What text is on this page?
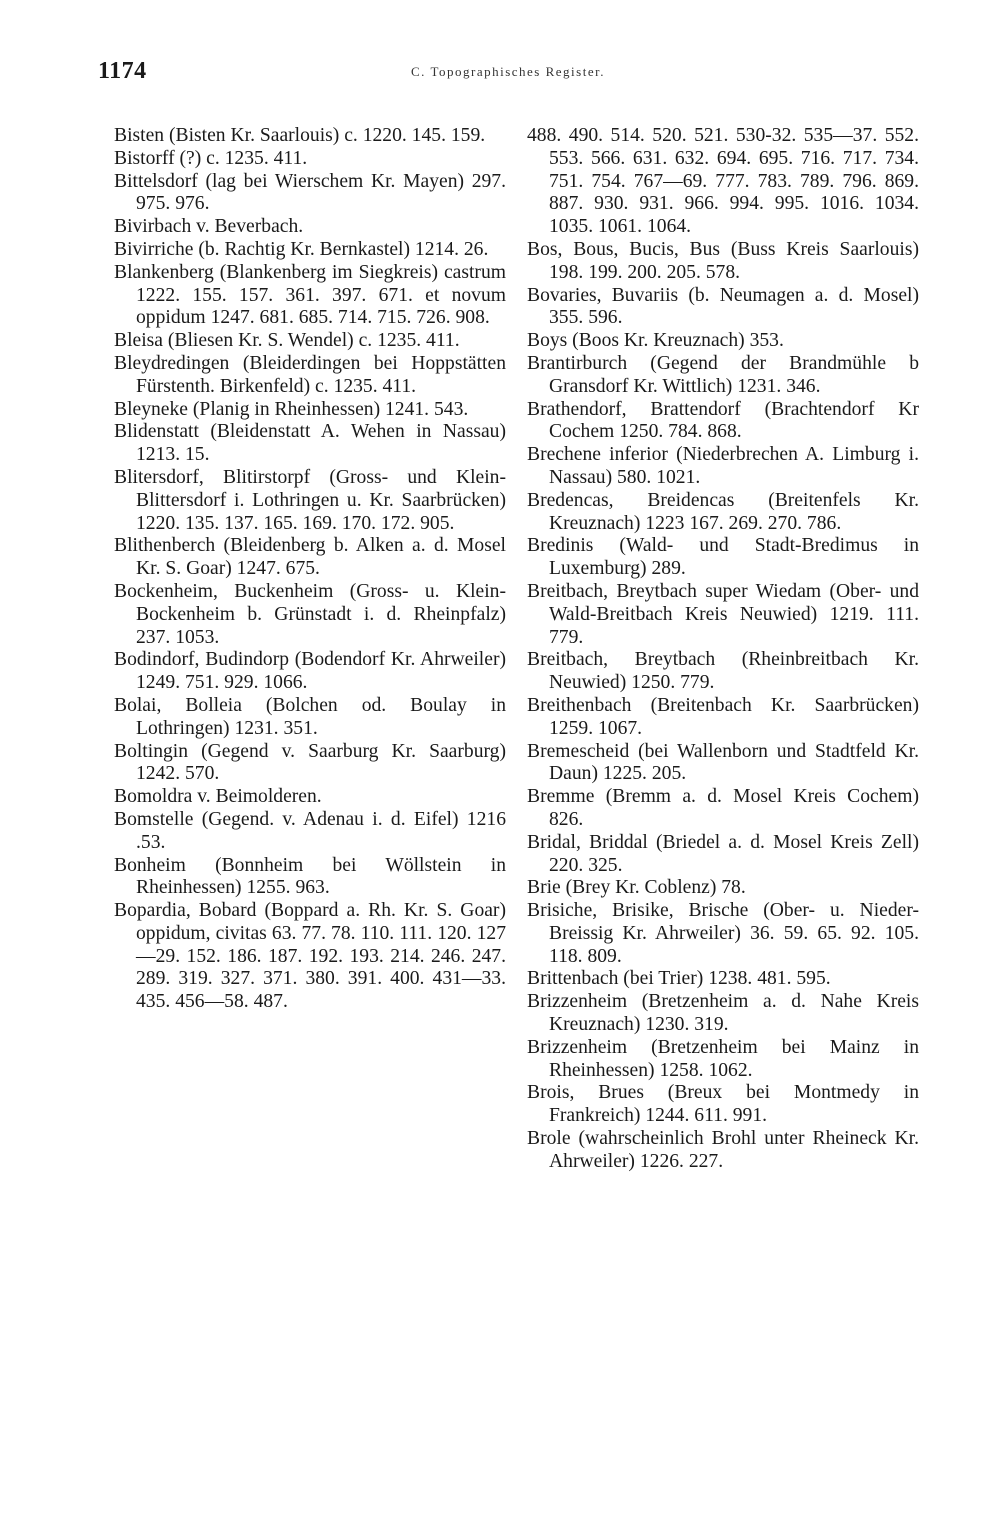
1174	C. Topographisches Register.
Bisten (Bisten Kr. Saarlouis) c. 1220. 145. 159.
Bistorff (?) c. 1235. 411.
Bittelsdorf (lag bei Wierschem Kr. Mayen) 297. 975. 976.
Bivirbach v. Beverbach.
Bivirriche (b. Rachtig Kr. Bernkastel) 1214. 26.
Blankenberg (Blankenberg im Siegkreis) castrum 1222. 155. 157. 361. 397. 671. et novum oppidum 1247. 681. 685. 714. 715. 726. 908.
Bleisa (Bliesen Kr. S. Wendel) c. 1235. 411.
Bleydredingen (Bleiderdingen bei Hoppstätten Fürstenth. Birkenfeld) c. 1235. 411.
Bleyneke (Planig in Rheinhessen) 1241. 543.
Blidenstatt (Bleidenstatt A. Wehen in Nassau) 1213. 15.
Blitersdorf, Blitirstorpf (Gross- und Klein-Blittersdorf i. Lothringen u. Kr. Saarbrücken) 1220. 135. 137. 165. 169. 170. 172. 905.
Blithenberch (Bleidenberg b. Alken a. d. Mosel Kr. S. Goar) 1247. 675.
Bockenheim, Buckenheim (Gross- u. Klein-Bockenheim b. Grünstadt i. d. Rheinpfalz) 237. 1053.
Bodindorf, Budindorp (Bodendorf Kr. Ahrweiler) 1249. 751. 929. 1066.
Bolai, Bolleia (Bolchen od. Boulay in Lothringen) 1231. 351.
Boltingin (Gegend v. Saarburg Kr. Saarburg) 1242. 570.
Bomoldra v. Beimolderen.
Bomstelle (Gegend. v. Adenau i. d. Eifel) 1216 .53.
Bonheim (Bonnheim bei Wöllstein in Rheinhessen) 1255. 963.
Bopardia, Bobard (Boppard a. Rh. Kr. S. Goar) oppidum, civitas 63. 77. 78. 110. 111. 120. 127—29. 152. 186. 187. 192. 193. 214. 246. 247. 289. 319. 327. 371. 380. 391. 400. 431—33. 435. 456—58. 487.
488. 490. 514. 520. 521. 530-32. 535—37. 552. 553. 566. 631. 632. 694. 695. 716. 717. 734. 751. 754. 767—69. 777. 783. 789. 796. 869. 887. 930. 931. 966. 994. 995. 1016. 1034. 1035. 1061. 1064.
Bos, Bous, Bucis, Bus (Buss Kreis Saarlouis) 198. 199. 200. 205. 578.
Bovaries, Buvariis (b. Neumagen a. d. Mosel) 355. 596.
Boys (Boos Kr. Kreuznach) 353.
Brantirburch (Gegend der Brandmühle b Gransdorf Kr. Wittlich) 1231. 346.
Brathendorf, Brattendorf (Brachtendorf Kr Cochem 1250. 784. 868.
Brechene inferior (Niederbrechen A. Limburg i. Nassau) 580. 1021.
Bredencas, Breidencas (Breitenfels Kr. Kreuznach) 1223 167. 269. 270. 786.
Bredinis (Wald- und Stadt-Bredimus in Luxemburg) 289.
Breitbach, Breytbach super Wiedam (Ober- und Wald-Breitbach Kreis Neuwied) 1219. 111. 779.
Breitbach, Breytbach (Rheinbreitbach Kr. Neuwied) 1250. 779.
Breithenbach (Breitenbach Kr. Saarbrücken) 1259. 1067.
Bremescheid (bei Wallenborn und Stadtfeld Kr. Daun) 1225. 205.
Bremme (Bremm a. d. Mosel Kreis Cochem) 826.
Bridal, Briddal (Briedel a. d. Mosel Kreis Zell) 220. 325.
Brie (Brey Kr. Coblenz) 78.
Brisiche, Brisike, Brische (Ober- u. Nieder-Breissig Kr. Ahrweiler) 36. 59. 65. 92. 105. 118. 809.
Brittenbach (bei Trier) 1238. 481. 595.
Brizzenheim (Bretzenheim a. d. Nahe Kreis Kreuznach) 1230. 319.
Brizzenheim (Bretzenheim bei Mainz in Rheinhessen) 1258. 1062.
Brois, Brues (Breux bei Montmedy in Frankreich) 1244. 611. 991.
Brole (wahrscheinlich Brohl unter Rheineck Kr. Ahrweiler) 1226. 227.
